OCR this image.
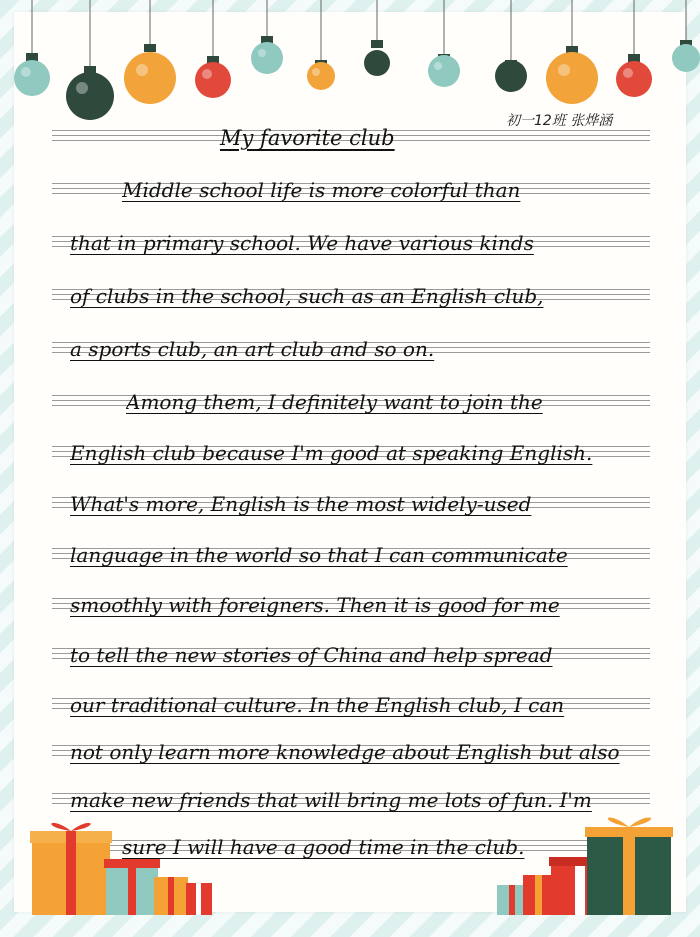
初一12班 张烨涵
My favorite club
Middle school life is more colorful than
that in primary school. We have various kinds
of clubs in the school, such as an English club,
a sports club, an art club and so on.
Among them, I definitely want to join the
English club because I'm good at speaking English.
What's more, English is the most widely-used
language in the world so that I can communicate
smoothly with foreigners. Then it is good for me
to tell the new stories of China and help spread
our traditional culture. In the English club, I can
not only learn more knowledge about English but also
make new friends that will bring me lots of fun. I'm
sure I will have a good time in the club.
